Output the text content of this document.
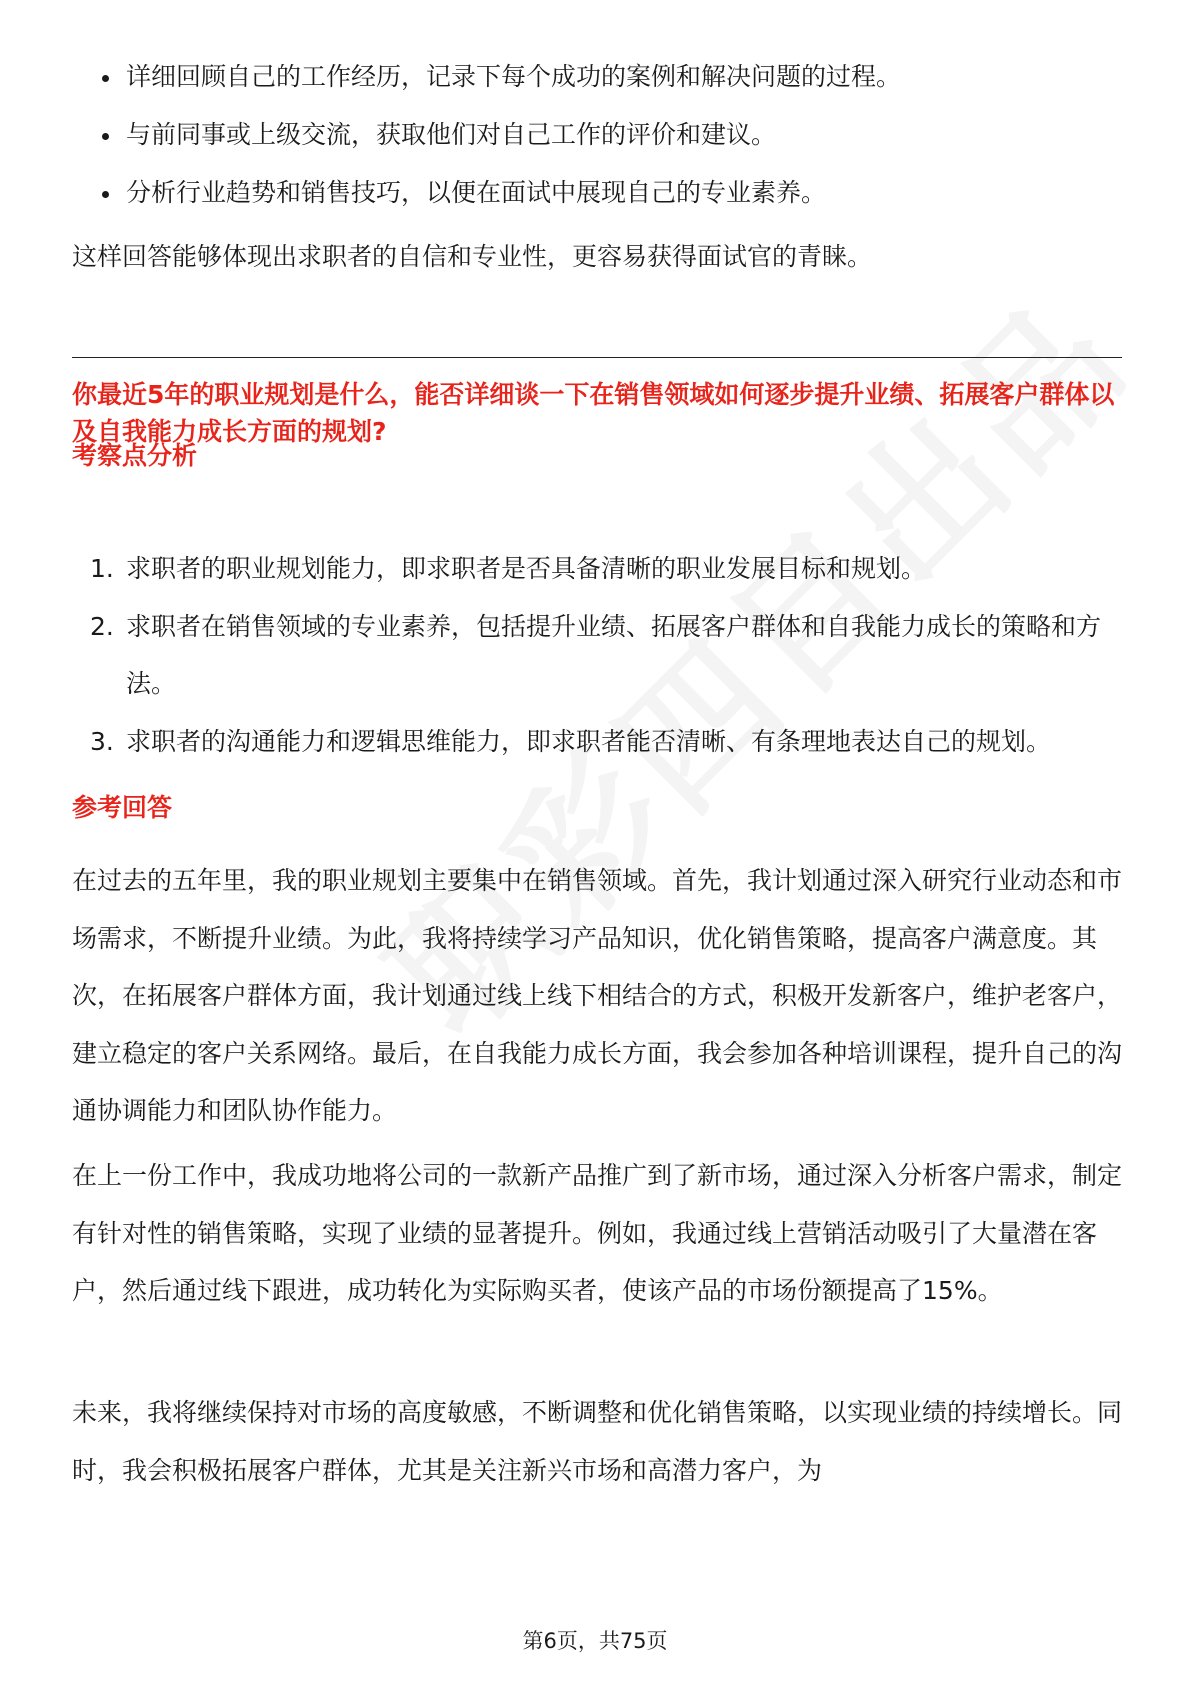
详细回顾自己的工作经历，记录下每个成功的案例和解决问题的过程。
与前同事或上级交流，获取他们对自己工作的评价和建议。
分析行业趋势和销售技巧，以便在面试中展现自己的专业素养。

这样回答能够体现出求职者的自信和专业性，更容易获得面试官的青睐。

你最近5年的职业规划是什么，能否详细谈一下在销售领域如何逐步提升业绩、拓展客户群体以及自我能力成长方面的规划?

考察点分析
1. 求职者的职业规划能力，即求职者是否具备清晰的职业发展目标和规划。
2. 求职者在销售领域的专业素养，包括提升业绩、拓展客户群体和自我能力成长的策略和方法。
3. 求职者的沟通能力和逻辑思维能力，即求职者能否清晰、有条理地表达自己的规划。
参考回答

在过去的五年里，我的职业规划主要集中在销售领域。首先，我计划通过深入研究行业动态和市场需求，不断提升业绩。为此，我将持续学习产品知识，优化销售策略，提高客户满意度。其次，在拓展客户群体方面，我计划通过线上线下相结合的方式，积极开发新客户，维护老客户，建立稳定的客户关系网络。最后，在自我能力成长方面，我会参加各种培训课程，提升自己的沟通协调能力和团队协作能力。

在上一份工作中，我成功地将公司的一款新产品推广到了新市场，通过深入分析客户需求，制定有针对性的销售策略，实现了业绩的显著提升。例如，我通过线上营销活动吸引了大量潜在客户，然后通过线下跟进，成功转化为实际购买者，使该产品的市场份额提高了15%。

未来，我将继续保持对市场的高度敏感，不断调整和优化销售策略，以实现业绩的持续增长。同时，我会积极拓展客户群体，尤其是关注新兴市场和高潜力客户，为

第6页，共75页
